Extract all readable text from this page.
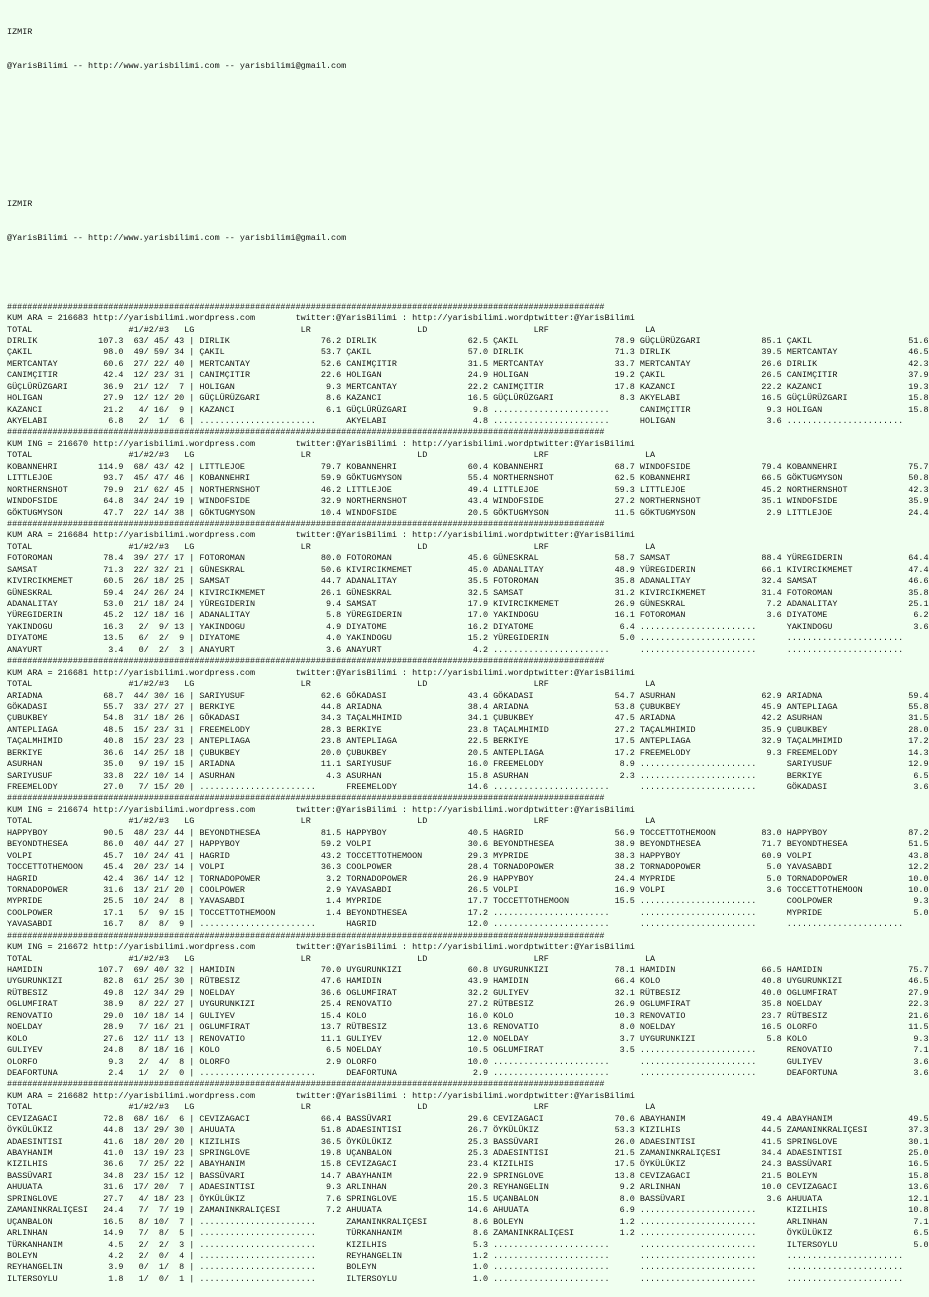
IZMIR

@YarisBilimi -- http://www.yarisbilimi.com -- yarisbilimi@gmail.com

IZMIR

@YarisBilimi -- http://www.yarisbilimi.com -- yarisbilimi@gmail.com

######################################################################################################################
KUM ARA = 216683 http://yarisbilimi.wordpress.com        twitter:@YarisBilimi : http://yarisbilimi.wordptwitter:@YarisBilimi
TOTAL                   #1/#2/#3   LG                     LR                     LD                     LRF                   LA
DIRLIK            107.3  63/ 45/ 43 | DIRLIK                  76.2 DIRLIK                  62.5 ÇAKIL                   78.9 GÜÇLÜRÜZGARI            85.1 ÇAKIL                   51.6
ÇAKIL              98.0  49/ 59/ 34 | ÇAKIL                   53.7 ÇAKIL                   57.0 DIRLIK                  71.3 DIRLIK                  39.5 MERTCANTAY              46.5
MERTCANTAY         60.6  27/ 22/ 40 | MERTCANTAY              52.6 CANIMÇITIR              31.5 MERTCANTAY              33.7 MERTCANTAY              26.6 DIRLIK                  42.3
CANIMÇITIR         42.4  12/ 23/ 31 | CANIMÇITIR              22.6 HOLIGAN                 24.9 HOLIGAN                 19.2 ÇAKIL                   26.5 CANIMÇITIR              37.9
GÜÇLÜRÜZGARI       36.9  21/ 12/  7 | HOLIGAN                  9.3 MERTCANTAY              22.2 CANIMÇITIR              17.8 KAZANCI                 22.2 KAZANCI                 19.3
HOLIGAN            27.9  12/ 12/ 20 | GÜÇLÜRÜZGARI             8.6 KAZANCI                 16.5 GÜÇLÜRÜZGARI             8.3 AKYELABI                16.5 GÜÇLÜRÜZGARI            15.8
KAZANCI            21.2   4/ 16/  9 | KAZANCI                  6.1 GÜÇLÜRÜZGARI             9.8 .......................      CANIMÇITIR               9.3 HOLIGAN                 15.8
AKYELABI            6.8   2/  1/  6 | .......................      AKYELABI                 4.8 .......................      HOLIGAN                  3.6 .......................
######################################################################################################################
KUM ING = 216670 http://yarisbilimi.wordpress.com        twitter:@YarisBilimi : http://yarisbilimi.wordptwitter:@YarisBilimi
TOTAL                   #1/#2/#3   LG                     LR                     LD                     LRF                   LA
KOBANNEHRI        114.9  68/ 43/ 42 | LITTLEJOE               79.7 KOBANNEHRI              60.4 KOBANNEHRI              68.7 WINDOFSIDE              79.4 KOBANNEHRI              75.7
LITTLEJOE          93.7  45/ 47/ 46 | KOBANNEHRI              59.9 GÖKTUGMYSON             55.4 NORTHERNSHOT            62.5 KOBANNEHRI              66.5 GÖKTUGMYSON             50.8
NORTHERNSHOT       79.9  21/ 62/ 45 | NORTHERNSHOT            46.2 LITTLEJOE               49.4 LITTLEJOE               59.3 LITTLEJOE               45.2 NORTHERNSHOT            42.3
WINDOFSIDE         64.8  34/ 24/ 19 | WINDOFSIDE              32.9 NORTHERNSHOT            43.4 WINDOFSIDE              27.2 NORTHERNSHOT            35.1 WINDOFSIDE              35.9
GÖKTUGMYSON        47.7  22/ 14/ 38 | GÖKTUGMYSON             10.4 WINDOFSIDE              20.5 GÖKTUGMYSON             11.5 GÖKTUGMYSON              2.9 LITTLEJOE               24.4
######################################################################################################################
KUM ARA = 216684 http://yarisbilimi.wordpress.com        twitter:@YarisBilimi : http://yarisbilimi.wordptwitter:@YarisBilimi
TOTAL                   #1/#2/#3   LG                     LR                     LD                     LRF                   LA
FOTOROMAN          78.4  39/ 27/ 17 | FOTOROMAN               80.0 FOTOROMAN               45.6 GÜNESKRAL               58.7 SAMSAT                  88.4 YÜREGIDERIN             64.4
SAMSAT             71.3  22/ 32/ 21 | GÜNESKRAL               50.6 KIVIRCIKMEMET           45.0 ADANALITAY              48.9 YÜREGIDERIN             66.1 KIVIRCIKMEMET           47.4
KIVIRCIKMEMET      60.5  26/ 18/ 25 | SAMSAT                  44.7 ADANALITAY              35.5 FOTOROMAN               35.8 ADANALITAY              32.4 SAMSAT                  46.6
GÜNESKRAL          59.4  24/ 26/ 24 | KIVIRCIKMEMET           26.1 GÜNESKRAL               32.5 SAMSAT                  31.2 KIVIRCIKMEMET           31.4 FOTOROMAN               35.8
ADANALITAY         53.0  21/ 18/ 24 | YÜREGIDERIN              9.4 SAMSAT                  17.9 KIVIRCIKMEMET           26.9 GÜNESKRAL                7.2 ADANALITAY              25.1
YÜREGIDERIN        45.2  12/ 18/ 16 | ADANALITAY               5.8 YÜREGIDERIN             17.0 YAKINDOGU               16.1 FOTOROMAN                3.6 DIYATOME                 6.2
YAKINDOGU          16.3   2/  9/ 13 | YAKINDOGU                4.9 DIYATOME                16.2 DIYATOME                 6.4 .......................      YAKINDOGU                3.6
DIYATOME           13.5   6/  2/  9 | DIYATOME                 4.0 YAKINDOGU               15.2 YÜREGIDERIN              5.0 .......................      .......................
ANAYURT             3.4   0/  2/  3 | ANAYURT                  3.6 ANAYURT                  4.2 .......................      .......................      .......................
######################################################################################################################
KUM ARA = 216681 http://yarisbilimi.wordpress.com        twitter:@YarisBilimi : http://yarisbilimi.wordptwitter:@YarisBilimi
TOTAL                   #1/#2/#3   LG                     LR                     LD                     LRF                   LA
ARIADNA            68.7  44/ 30/ 16 | SARIYUSUF               62.6 GÖKADASI                43.4 GÖKADASI                54.7 ASURHAN                 62.9 ARIADNA                 59.4
GÖKADASI           55.7  33/ 27/ 27 | BERKIYE                 44.8 ARIADNA                 38.4 ARIADNA                 53.8 ÇUBUKBEY                45.9 ANTEPLIAGA              55.8
ÇUBUKBEY           54.8  31/ 18/ 26 | GÖKADASI                34.3 TAÇALMHIMID             34.1 ÇUBUKBEY                47.5 ARIADNA                 42.2 ASURHAN                 31.5
ANTEPLIAGA         48.5  15/ 23/ 31 | FREEMELODY              28.3 BERKIYE                 23.8 TAÇALMHIMID             27.2 TAÇALMHIMID             35.9 ÇUBUKBEY                28.0
TAÇALMHIMID        40.8  15/ 23/ 23 | ANTEPLIAGA              23.8 ANTEPLIAGA              22.5 BERKIYE                 17.5 ANTEPLIAGA              32.9 TAÇALMHIMID             17.2
BERKIYE            36.6  14/ 25/ 18 | ÇUBUKBEY                20.0 ÇUBUKBEY                20.5 ANTEPLIAGA              17.2 FREEMELODY               9.3 FREEMELODY              14.3
ASURHAN            35.0   9/ 19/ 15 | ARIADNA                 11.1 SARIYUSUF               16.0 FREEMELODY               8.9 .......................      SARIYUSUF               12.9
SARIYUSUF          33.8  22/ 10/ 14 | ASURHAN                  4.3 ASURHAN                 15.8 ASURHAN                  2.3 .......................      BERKIYE                  6.5
FREEMELODY         27.0   7/ 15/ 20 | .......................      FREEMELODY              14.6 .......................      .......................      GÖKADASI                 3.6
######################################################################################################################
KUM ING = 216674 http://yarisbilimi.wordpress.com        twitter:@YarisBilimi : http://yarisbilimi.wordptwitter:@YarisBilimi
TOTAL                   #1/#2/#3   LG                     LR                     LD                     LRF                   LA
HAPPYBOY           90.5  48/ 23/ 44 | BEYONDTHESEA            81.5 HAPPYBOY                40.5 HAGRID                  56.9 TOCCETTOTHEMOON         83.0 HAPPYBOY                87.2
BEYONDTHESEA       86.0  40/ 44/ 27 | HAPPYBOY                59.2 VOLPI                   30.6 BEYONDTHESEA            38.9 BEYONDTHESEA            71.7 BEYONDTHESEA            51.5
VOLPI              45.7  10/ 24/ 41 | HAGRID                  43.2 TOCCETTOTHEMOON         29.3 MYPRIDE                 38.3 HAPPYBOY                60.9 VOLPI                   43.8
TOCCETTOTHEMOON    45.4  20/ 23/ 14 | VOLPI                   36.3 COOLPOWER               28.4 TORNADOPOWER            38.2 TORNADOPOWER             5.0 YAVASABDI               12.2
HAGRID             42.4  36/ 14/ 12 | TORNADOPOWER             3.2 TORNADOPOWER            26.9 HAPPYBOY                24.4 MYPRIDE                  5.0 TORNADOPOWER            10.0
TORNADOPOWER       31.6  13/ 21/ 20 | COOLPOWER                2.9 YAVASABDI               26.5 VOLPI                   16.9 VOLPI                    3.6 TOCCETTOTHEMOON         10.0
MYPRIDE            25.5  10/ 24/  8 | YAVASABDI                1.4 MYPRIDE                 17.7 TOCCETTOTHEMOON         15.5 .......................      COOLPOWER                9.3
COOLPOWER          17.1   5/  9/ 15 | TOCCETTOTHEMOON          1.4 BEYONDTHESEA            17.2 .......................      .......................      MYPRIDE                  5.0
YAVASABDI          16.7   8/  8/  9 | .......................      HAGRID                  12.0 .......................      .......................      .......................
######################################################################################################################
KUM ING = 216672 http://yarisbilimi.wordpress.com        twitter:@YarisBilimi : http://yarisbilimi.wordptwitter:@YarisBilimi
TOTAL                   #1/#2/#3   LG                     LR                     LD                     LRF                   LA
HAMIDIN           107.7  69/ 40/ 32 | HAMIDIN                 70.0 UYGURUNKIZI             60.8 UYGURUNKIZI             78.1 HAMIDIN                 66.5 HAMIDIN                 75.7
UYGURUNKIZI        82.8  61/ 25/ 30 | RÜTBESIZ                47.6 HAMIDIN                 43.9 HAMIDIN                 66.4 KOLO                    40.8 UYGURUNKIZI             46.5
RÜTBESIZ           49.8  12/ 34/ 29 | NOELDAY                 36.6 OGLUMFIRAT              32.2 GULIYEV                 32.1 RÜTBESIZ                40.0 OGLUMFIRAT              27.9
OGLUMFIRAT         38.9   8/ 22/ 27 | UYGURUNKIZI             25.4 RENOVATIO               27.2 RÜTBESIZ                26.9 OGLUMFIRAT              35.8 NOELDAY                 22.3
RENOVATIO          29.0  10/ 18/ 14 | GULIYEV                 15.4 KOLO                    16.0 KOLO                    10.3 RENOVATIO               23.7 RÜTBESIZ                21.6
NOELDAY            28.9   7/ 16/ 21 | OGLUMFIRAT              13.7 RÜTBESIZ                13.6 RENOVATIO                8.0 NOELDAY                 16.5 OLORFO                  11.5
KOLO               27.6  12/ 11/ 13 | RENOVATIO               11.1 GULIYEV                 12.0 NOELDAY                  3.7 UYGURUNKIZI              5.8 KOLO                     9.3
GULIYEV            24.8   8/ 18/ 16 | KOLO                     6.5 NOELDAY                 10.5 OGLUMFIRAT               3.5 .......................      RENOVATIO                7.1
OLORFO              9.3   2/  4/  8 | OLORFO                   2.9 OLORFO                  10.0 .......................      .......................      GULIYEV                  3.6
DEAFORTUNA          2.4   1/  2/  0 | .......................      DEAFORTUNA               2.9 .......................      .......................      DEAFORTUNA               3.6
######################################################################################################################
KUM ARA = 216682 http://yarisbilimi.wordpress.com        twitter:@YarisBilimi : http://yarisbilimi.wordptwitter:@YarisBilimi
TOTAL                   #1/#2/#3   LG                     LR                     LD                     LRF                   LA
CEVIZAGACI         72.8  68/ 16/  6 | CEVIZAGACI              66.4 BASSÜVARI               29.6 CEVIZAGACI              70.6 ABAYHANIM               49.4 ABAYHANIM               49.5
ÖYKÜLÜKIZ          44.8  13/ 29/ 30 | AHUUATA                 51.8 ADAESINTISI             26.7 ÖYKÜLÜKIZ               53.3 KIZILHIS                44.5 ZAMANINKRALIÇESI        37.3
ADAESINTISI        41.6  18/ 20/ 20 | KIZILHIS                36.5 ÖYKÜLÜKIZ               25.3 BASSÜVARI               26.0 ADAESINTISI             41.5 SPRINGLOVE              30.1
ABAYHANIM          41.0  13/ 19/ 23 | SPRINGLOVE              19.8 UÇANBALON               25.3 ADAESINTISI             21.5 ZAMANINKRALIÇESI        34.4 ADAESINTISI             25.0
KIZILHIS           36.6   7/ 25/ 22 | ABAYHANIM               15.8 CEVIZAGACI              23.4 KIZILHIS                17.5 ÖYKÜLÜKIZ               24.3 BASSÜVARI               16.5
BASSÜVARI          34.8  23/ 15/ 12 | BASSÜVARI               14.7 ABAYHANIM               22.9 SPRINGLOVE              13.8 CEVIZAGACI              21.5 BOLEYN                  15.8
AHUUATA            31.6  17/ 20/  7 | ADAESINTISI              9.3 ARLINHAN                20.3 REYHANGELIN              9.2 ARLINHAN                10.0 CEVIZAGACI              13.6
SPRINGLOVE         27.7   4/ 18/ 23 | ÖYKÜLÜKIZ                7.6 SPRINGLOVE              15.5 UÇANBALON                8.0 BASSÜVARI                3.6 AHUUATA                 12.1
ZAMANINKRALIÇESI   24.4   7/  7/ 19 | ZAMANINKRALIÇESI         7.2 AHUUATA                 14.6 AHUUATA                  6.9 .......................      KIZILHIS                10.8
UÇANBALON          16.5   8/ 10/  7 | .......................      ZAMANINKRALIÇESI         8.6 BOLEYN                   1.2 .......................      ARLINHAN                 7.1
ARLINHAN           14.9   7/  8/  5 | .......................      TÜRKANHANIM              8.6 ZAMANINKRALIÇESI         1.2 .......................      ÖYKÜLÜKIZ                6.5
TÜRKANHANIM         4.5   2/  2/  3 | .......................      KIZILHIS                 5.3 .......................      .......................      ILTERSOYLU               5.0
BOLEYN              4.2   2/  0/  4 | .......................      REYHANGELIN              1.2 .......................      .......................      .......................
REYHANGELIN         3.9   0/  1/  8 | .......................      BOLEYN                   1.0 .......................      .......................      .......................
ILTERSOYLU          1.8   1/  0/  1 | .......................      ILTERSOYLU               1.0 .......................      .......................      .......................
